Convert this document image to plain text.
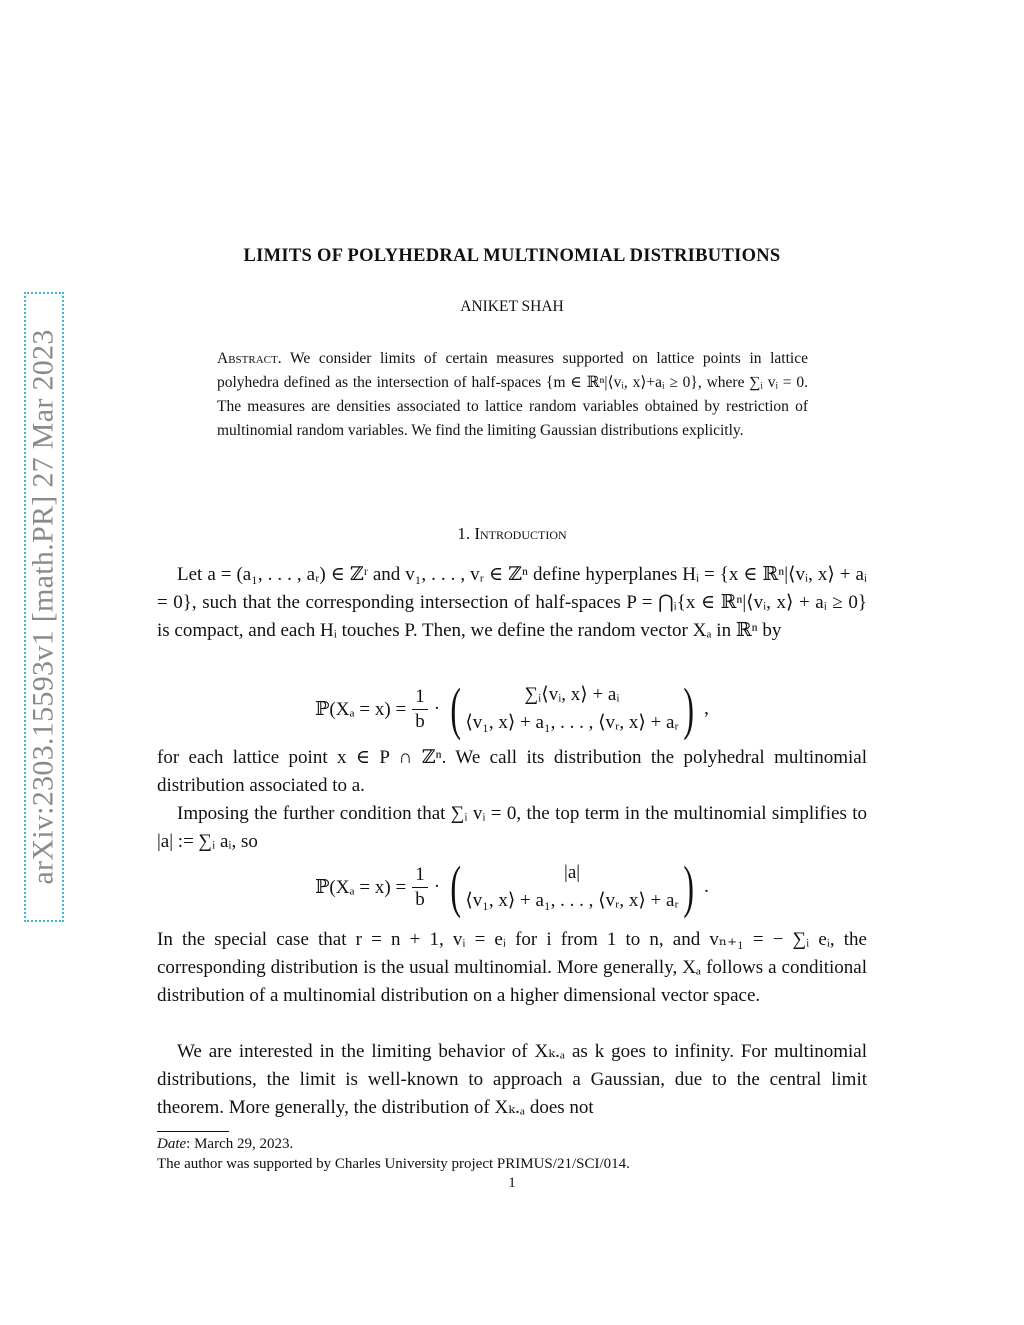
arXiv:2303.15593v1 [math.PR] 27 Mar 2023
LIMITS OF POLYHEDRAL MULTINOMIAL DISTRIBUTIONS
ANIKET SHAH
Abstract. We consider limits of certain measures supported on lattice points in lattice polyhedra defined as the intersection of half-spaces {m ∈ ℝⁿ|⟨vᵢ, x⟩+aᵢ ≥ 0}, where ∑ᵢ vᵢ = 0. The measures are densities associated to lattice random variables obtained by restriction of multinomial random variables. We find the limiting Gaussian distributions explicitly.
1. Introduction
Let a = (a₁, . . . , aᵣ) ∈ ℤʳ and v₁, . . . , vᵣ ∈ ℤⁿ define hyperplanes Hᵢ = {x ∈ ℝⁿ|⟨vᵢ, x⟩ + aᵢ = 0}, such that the corresponding intersection of half-spaces P = ⋂ᵢ{x ∈ ℝⁿ|⟨vᵢ, x⟩ + aᵢ ≥ 0} is compact, and each Hᵢ touches P. Then, we define the random vector Xₐ in ℝⁿ by
ℙ(Xₐ = $x) = \frac{1}{b}$ · (	∑ᵢ⟨vᵢ, x⟩ + aᵢ
⟨v₁, x⟩ + a₁, . . . , ⟨vᵣ, x⟩ + aᵣ ) ,
for each lattice point x ∈ P ∩ ℤⁿ. We call its distribution the polyhedral multinomial distribution associated to a.
Imposing the further condition that ∑ᵢ vᵢ = 0, the top term in the multinomial simplifies to |a| := ∑ᵢ aᵢ, so
ℙ(Xₐ = $x) = \frac{1}{b}$ · (	|a|
⟨v₁, x⟩ + a₁, . . . , ⟨vᵣ, x⟩ + aᵣ ) .
In the special case that r = n + 1, vᵢ = eᵢ for i from 1 to n, and vₙ₊₁ = − ∑ᵢ eᵢ, the corresponding distribution is the usual multinomial. More generally, Xₐ follows a conditional distribution of a multinomial distribution on a higher dimensional vector space.
We are interested in the limiting behavior of Xₖ.ₐ as k goes to infinity. For multinomial distributions, the limit is well-known to approach a Gaussian, due to the central limit theorem. More generally, the distribution of Xₖ.ₐ does not
Date: March 29, 2023.
The author was supported by Charles University project PRIMUS/21/SCI/014.
1
